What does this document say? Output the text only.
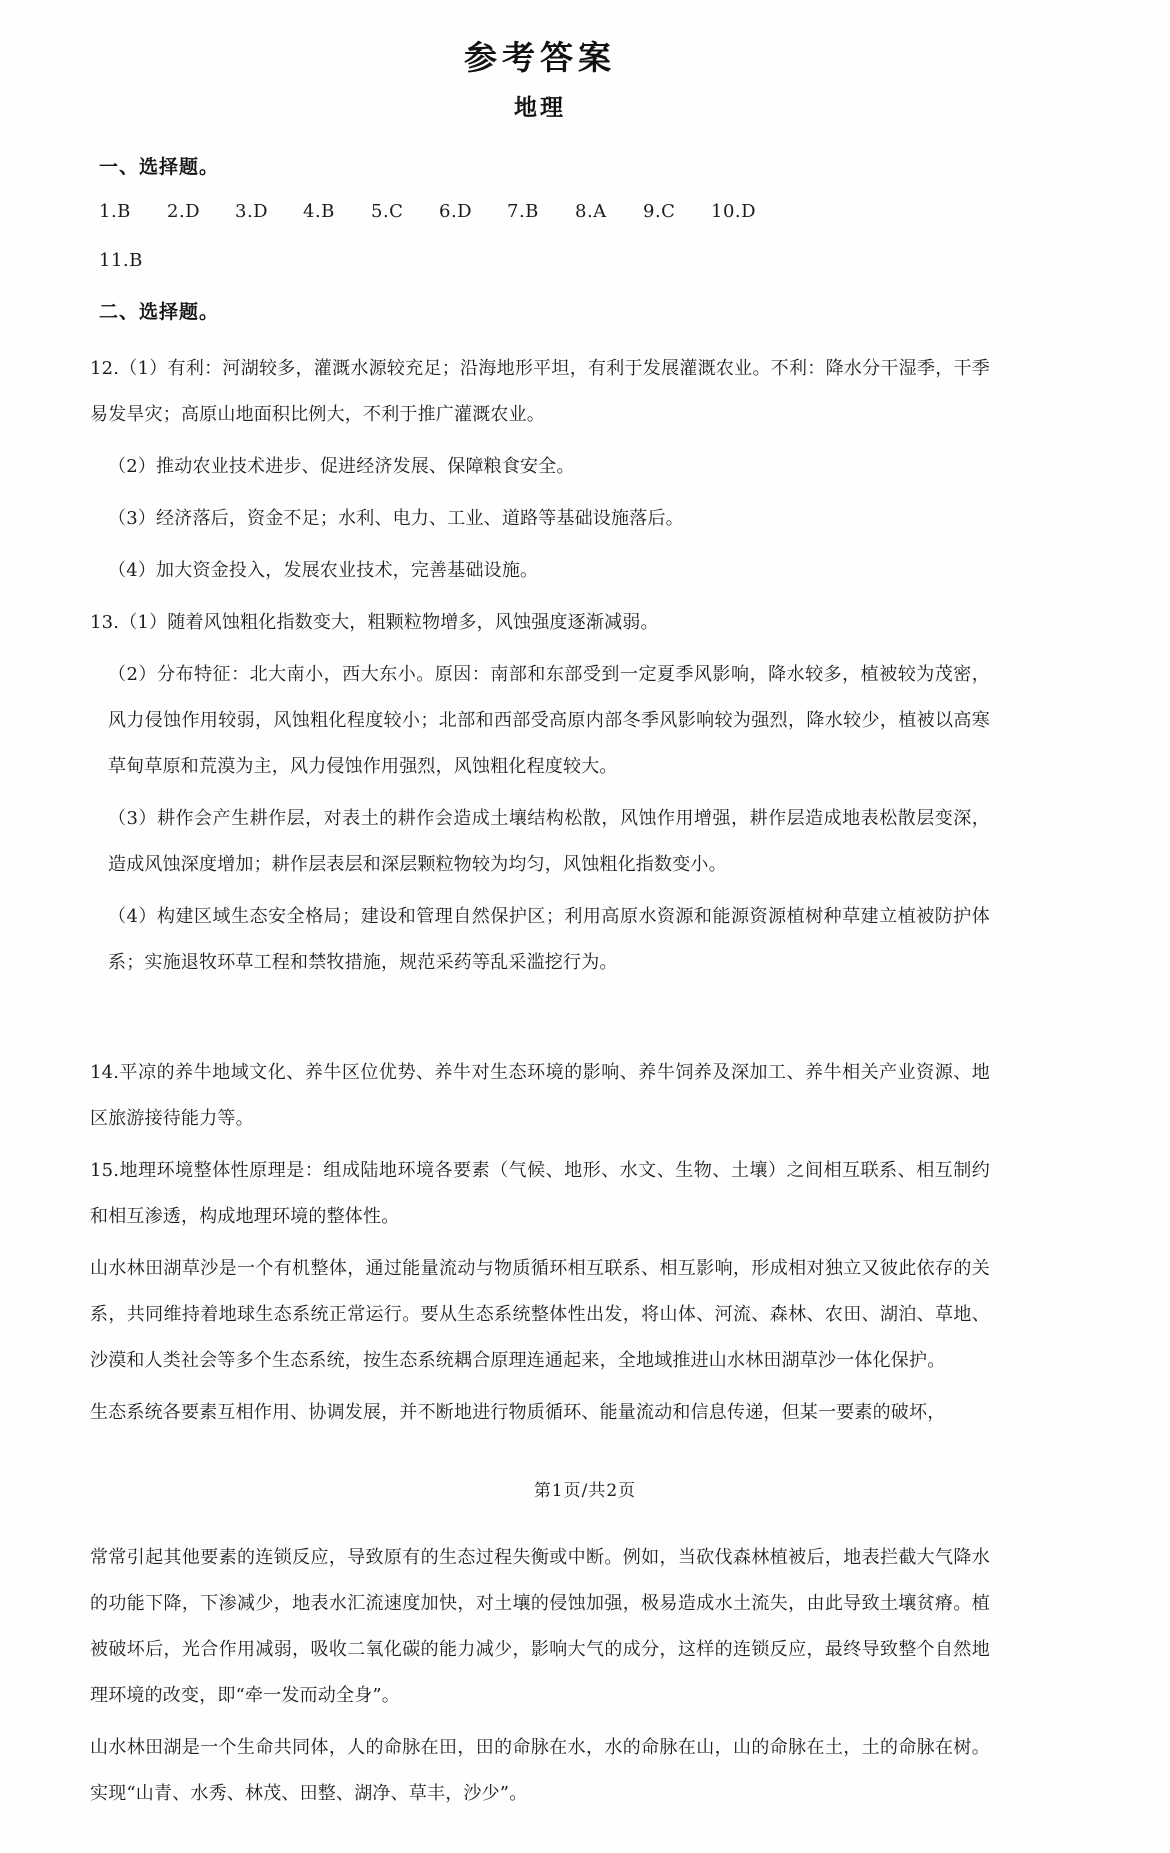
参考答案
地理
一、选择题。
1.B	2.D	3.D	4.B	5.C	6.D	7.B	8.A	9.C	10.D
11.B
二、选择题。

12.（1）有利：河湖较多，灌溉水源较充足；沿海地形平坦，有利于发展灌溉农业。不利：降水分干湿季，干季易发旱灾；高原山地面积比例大，不利于推广灌溉农业。

（2）推动农业技术进步、促进经济发展、保障粮食安全。

（3）经济落后，资金不足；水利、电力、工业、道路等基础设施落后。

（4）加大资金投入，发展农业技术，完善基础设施。

13.（1）随着风蚀粗化指数变大，粗颗粒物增多，风蚀强度逐渐减弱。

（2）分布特征：北大南小，西大东小。原因：南部和东部受到一定夏季风影响，降水较多，植被较为茂密，风力侵蚀作用较弱，风蚀粗化程度较小；北部和西部受高原内部冬季风影响较为强烈，降水较少，植被以高寒草甸草原和荒漠为主，风力侵蚀作用强烈，风蚀粗化程度较大。

（3）耕作会产生耕作层，对表土的耕作会造成土壤结构松散，风蚀作用增强，耕作层造成地表松散层变深，造成风蚀深度增加；耕作层表层和深层颗粒物较为均匀，风蚀粗化指数变小。

（4）构建区域生态安全格局；建设和管理自然保护区；利用高原水资源和能源资源植树种草建立植被防护体系；实施退牧环草工程和禁牧措施，规范采药等乱采滥挖行为。

14.平凉的养牛地域文化、养牛区位优势、养牛对生态环境的影响、养牛饲养及深加工、养牛相关产业资源、地区旅游接待能力等。

15.地理环境整体性原理是：组成陆地环境各要素（气候、地形、水文、生物、土壤）之间相互联系、相互制约和相互渗透，构成地理环境的整体性。

山水林田湖草沙是一个有机整体，通过能量流动与物质循环相互联系、相互影响，形成相对独立又彼此依存的关系，共同维持着地球生态系统正常运行。要从生态系统整体性出发，将山体、河流、森林、农田、湖泊、草地、沙漠和人类社会等多个生态系统，按生态系统耦合原理连通起来，全地域推进山水林田湖草沙一体化保护。

生态系统各要素互相作用、协调发展，并不断地进行物质循环、能量流动和信息传递，但某一要素的破坏，

第1页/共2页

常常引起其他要素的连锁反应，导致原有的生态过程失衡或中断。例如，当砍伐森林植被后，地表拦截大气降水的功能下降，下渗减少，地表水汇流速度加快，对土壤的侵蚀加强，极易造成水土流失，由此导致土壤贫瘠。植被破坏后，光合作用减弱，吸收二氧化碳的能力减少，影响大气的成分，这样的连锁反应，最终导致整个自然地理环境的改变，即“牵一发而动全身”。

山水林田湖是一个生命共同体，人的命脉在田，田的命脉在水，水的命脉在山，山的命脉在土，土的命脉在树。实现“山青、水秀、林茂、田整、湖净、草丰，沙少”。
